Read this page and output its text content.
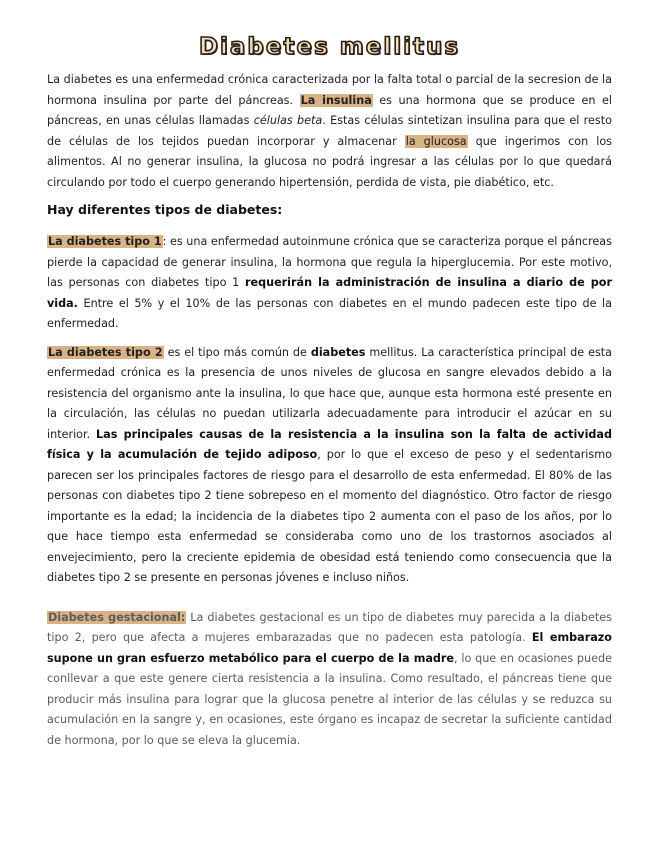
Diabetes mellitus

La diabetes es una enfermedad crónica caracterizada por la falta total o parcial de la secresion de la hormona insulina por parte del páncreas. La insulina es una hormona que se produce en el páncreas, en unas células llamadas células beta. Estas células sintetizan insulina para que el resto de células de los tejidos puedan incorporar y almacenar la glucosa que ingerimos con los alimentos. Al no generar insulina, la glucosa no podrá ingresar a las células por lo que quedará circulando por todo el cuerpo generando hipertensión, perdida de vista, pie diabético, etc.

Hay diferentes tipos de diabetes:

La diabetes tipo 1: es una enfermedad autoinmune crónica que se caracteriza porque el páncreas pierde la capacidad de generar insulina, la hormona que regula la hiperglucemia. Por este motivo, las personas con diabetes tipo 1 requerirán la administración de insulina a diario de por vida. Entre el 5% y el 10% de las personas con diabetes en el mundo padecen este tipo de la enfermedad.

La diabetes tipo 2 es el tipo más común de diabetes mellitus. La característica principal de esta enfermedad crónica es la presencia de unos niveles de glucosa en sangre elevados debido a la resistencia del organismo ante la insulina, lo que hace que, aunque esta hormona esté presente en la circulación, las células no puedan utilizarla adecuadamente para introducir el azúcar en su interior. Las principales causas de la resistencia a la insulina son la falta de actividad física y la acumulación de tejido adiposo, por lo que el exceso de peso y el sedentarismo parecen ser los principales factores de riesgo para el desarrollo de esta enfermedad. El 80% de las personas con diabetes tipo 2 tiene sobrepeso en el momento del diagnóstico. Otro factor de riesgo importante es la edad; la incidencia de la diabetes tipo 2 aumenta con el paso de los años, por lo que hace tiempo esta enfermedad se consideraba como uno de los trastornos asociados al envejecimiento, pero la creciente epidemia de obesidad está teniendo como consecuencia que la diabetes tipo 2 se presente en personas jóvenes e incluso niños.

Diabetes gestacional: La diabetes gestacional es un tipo de diabetes muy parecida a la diabetes tipo 2, pero que afecta a mujeres embarazadas que no padecen esta patología. El embarazo supone un gran esfuerzo metabólico para el cuerpo de la madre, lo que en ocasiones puede conllevar a que este genere cierta resistencia a la insulina. Como resultado, el páncreas tiene que producir más insulina para lograr que la glucosa penetre al interior de las células y se reduzca su acumulación en la sangre y, en ocasiones, este órgano es incapaz de secretar la suficiente cantidad de hormona, por lo que se eleva la glucemia.
